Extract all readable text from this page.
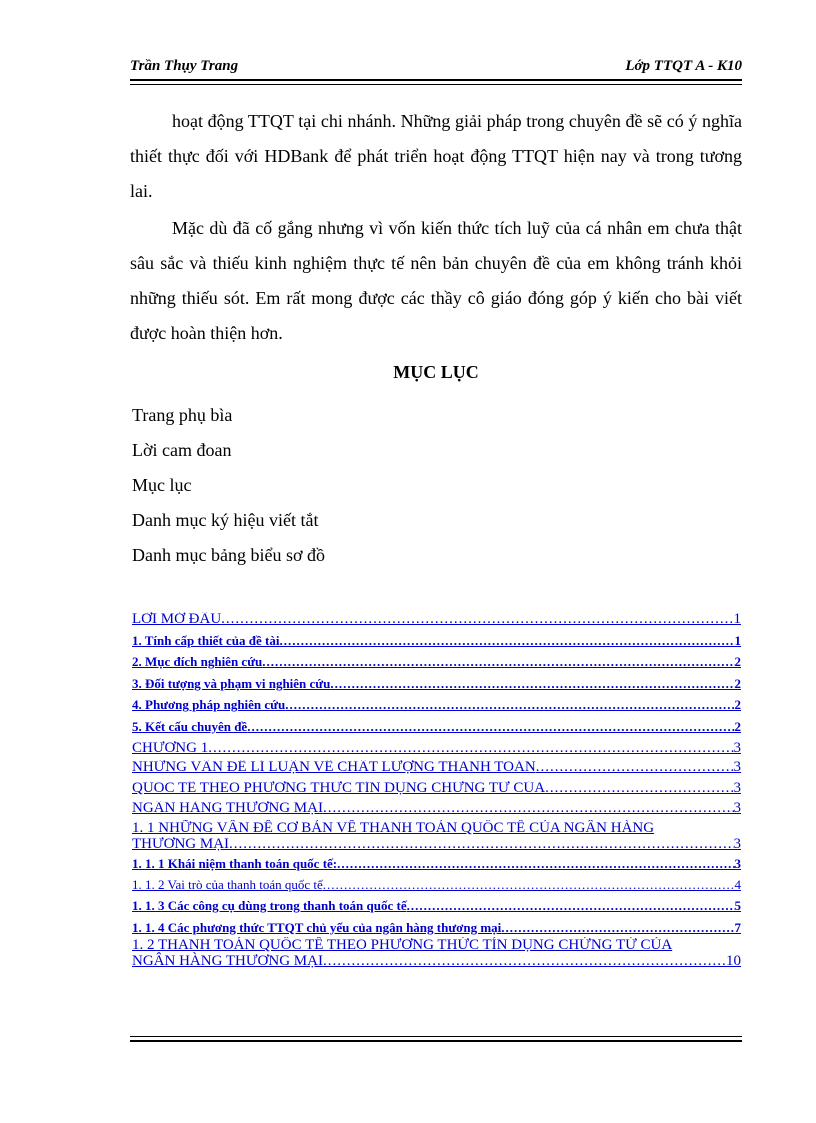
Trần Thụy Trang	Lớp TTQT A - K10

hoạt động TTQT tại chi nhánh. Những giải pháp trong chuyên đề sẽ có ý nghĩa thiết thực đối với HDBank để phát triển hoạt động TTQT hiện nay và trong tương lai.

Mặc dù đã cố gắng nhưng vì vốn kiến thức tích luỹ của cá nhân em chưa thật sâu sắc và thiếu kinh nghiệm thực tế nên bản chuyên đề của em không tránh khỏi những thiếu sót. Em rất mong được các thầy cô giáo đóng góp ý kiến cho bài viết được hoàn thiện hơn.

MỤC LỤC
Trang phụ bìa
Lời cam đoan
Mục lục
Danh mục ký hiệu viết tắt
Danh mục bảng biểu sơ đồ
LỜI MỞ ĐẦU .....	1
1. Tính cấp thiết của đề tài .....	1
2. Mục đích nghiên cứu .....	2
3. Đối tượng và phạm vi nghiên cứu .....	2
4. Phương pháp nghiên cứu .....	2
5. Kết cấu chuyên đề .....	2
CHƯƠNG 1 .....	3
NHỮNG VẤN ĐỀ LÍ LUẬN VỀ CHẤT LƯỢNG THANH TOÁN .....	3
QUỐC TẾ THEO PHƯƠNG THỨC TÍN DỤNG CHỨNG TỪ CỦA .....	3
NGÂN HÀNG THƯƠNG MẠI .....	3
1. 1 NHỮNG VẤN ĐỀ CƠ BẢN VỀ THANH TOÁN QUỐC TẾ CỦA NGÂN HÀNG
THƯƠNG MẠI .....	3
1. 1. 1 Khái niệm thanh toán quốc tế: .....	3
1. 1. 2 Vai trò của thanh toán quốc tế .....	4
1. 1. 3 Các công cụ dùng trong thanh toán quốc tế .....	5
1. 1. 4 Các phương thức TTQT chủ yếu của ngân hàng thương mại .....	7
1. 2 THANH TOÁN QUỐC TẾ THEO PHƯƠNG THỨC TÍN DỤNG CHỨNG TỪ CỦA
NGÂN HÀNG THƯƠNG MẠI .....	10
